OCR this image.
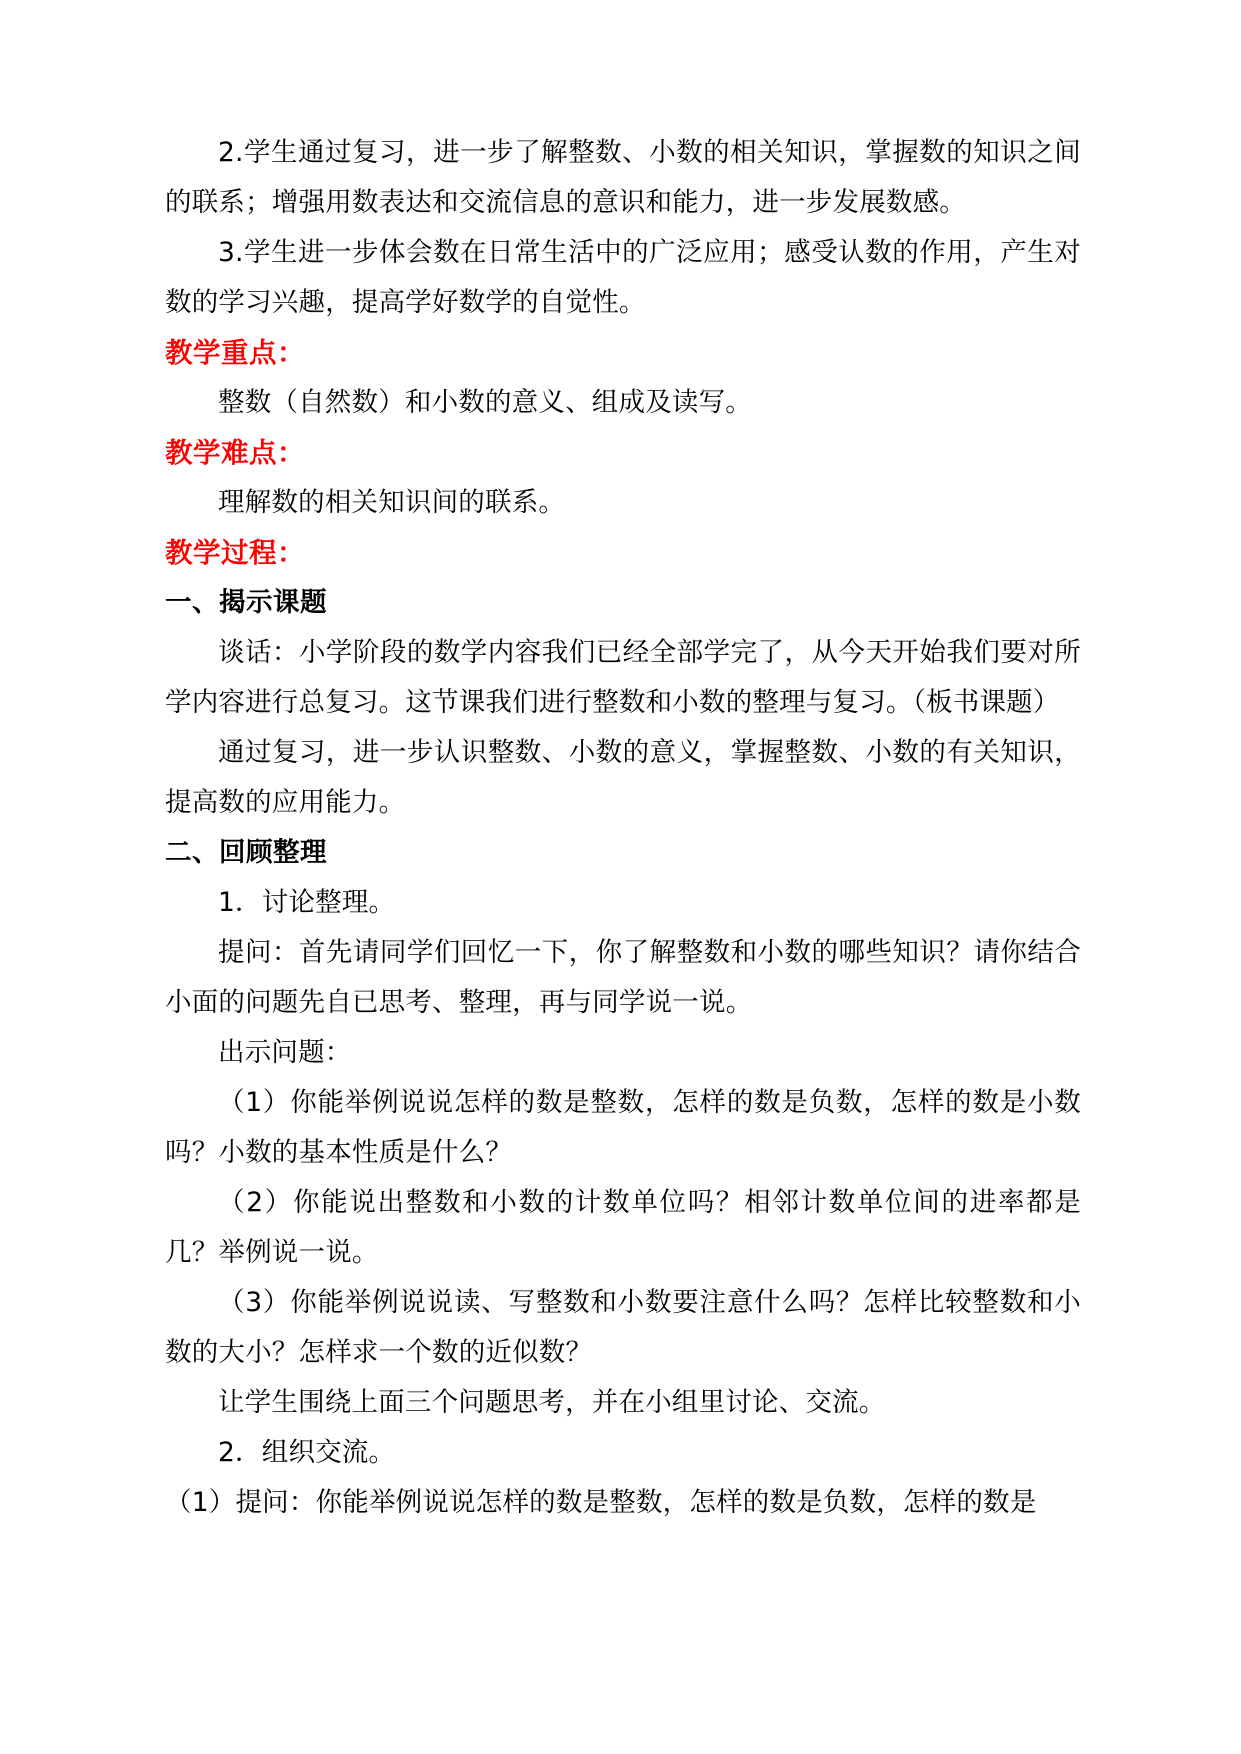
2.学生通过复习，进一步了解整数、小数的相关知识，掌握数的知识之间的联系；增强用数表达和交流信息的意识和能力，进一步发展数感。

3.学生进一步体会数在日常生活中的广泛应用；感受认数的作用，产生对数的学习兴趣，提高学好数学的自觉性。

教学重点：

整数（自然数）和小数的意义、组成及读写。

教学难点：

理解数的相关知识间的联系。

教学过程：
一、揭示课题

谈话：小学阶段的数学内容我们已经全部学完了，从今天开始我们要对所学内容进行总复习。这节课我们进行整数和小数的整理与复习。（板书课题）

通过复习，进一步认识整数、小数的意义，掌握整数、小数的有关知识，提高数的应用能力。

二、回顾整理

1．讨论整理。

提问：首先请同学们回忆一下，你了解整数和小数的哪些知识？请你结合小面的问题先自已思考、整理，再与同学说一说。

出示问题：

（1）你能举例说说怎样的数是整数，怎样的数是负数，怎样的数是小数吗？小数的基本性质是什么？

（2）你能说出整数和小数的计数单位吗？相邻计数单位间的进率都是几？举例说一说。

（3）你能举例说说读、写整数和小数要注意什么吗？怎样比较整数和小数的大小？怎样求一个数的近似数？

让学生围绕上面三个问题思考，并在小组里讨论、交流。

2．组织交流。

（1）提问：你能举例说说怎样的数是整数，怎样的数是负数，怎样的数是
